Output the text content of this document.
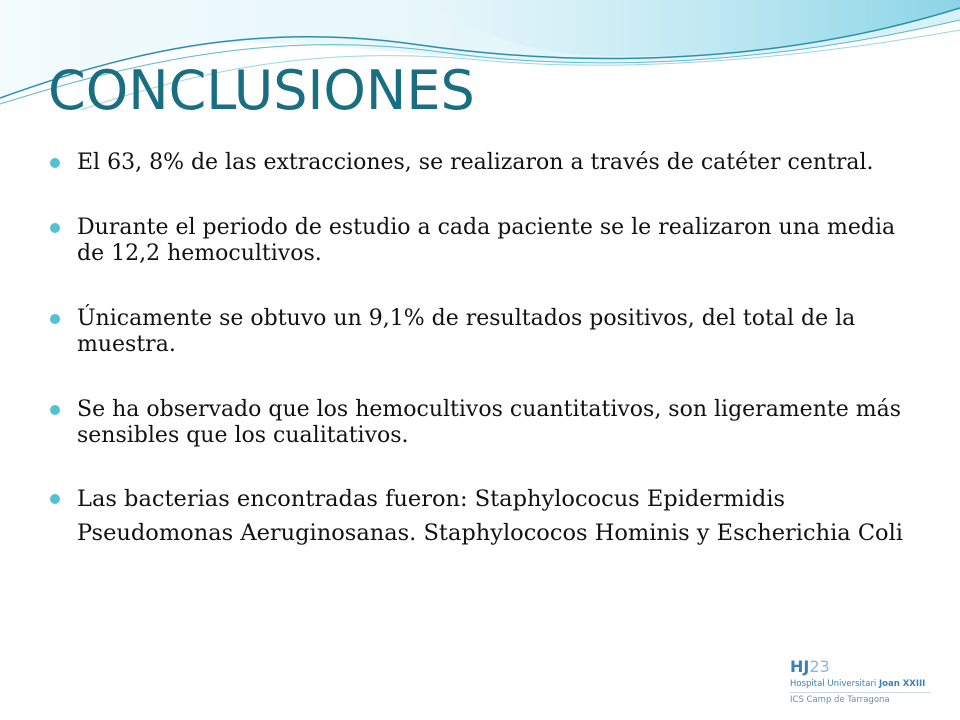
CONCLUSIONES
El 63, 8% de las extracciones, se realizaron a través de catéter central.
Durante el periodo de estudio a cada paciente se le realizaron una media de 12,2 hemocultivos.
Únicamente se obtuvo un 9,1% de resultados positivos, del total de la muestra.
Se ha observado que los hemocultivos cuantitativos, son ligeramente más sensibles que los cualitativos.
Las bacterias encontradas fueron: Staphylococus Epidermidis Pseudomonas Aeruginosanas. Staphylococos Hominis y Escherichia Coli
HJ23
Hospital Universitari Joan XXIII
ICS Camp de Tarragona
